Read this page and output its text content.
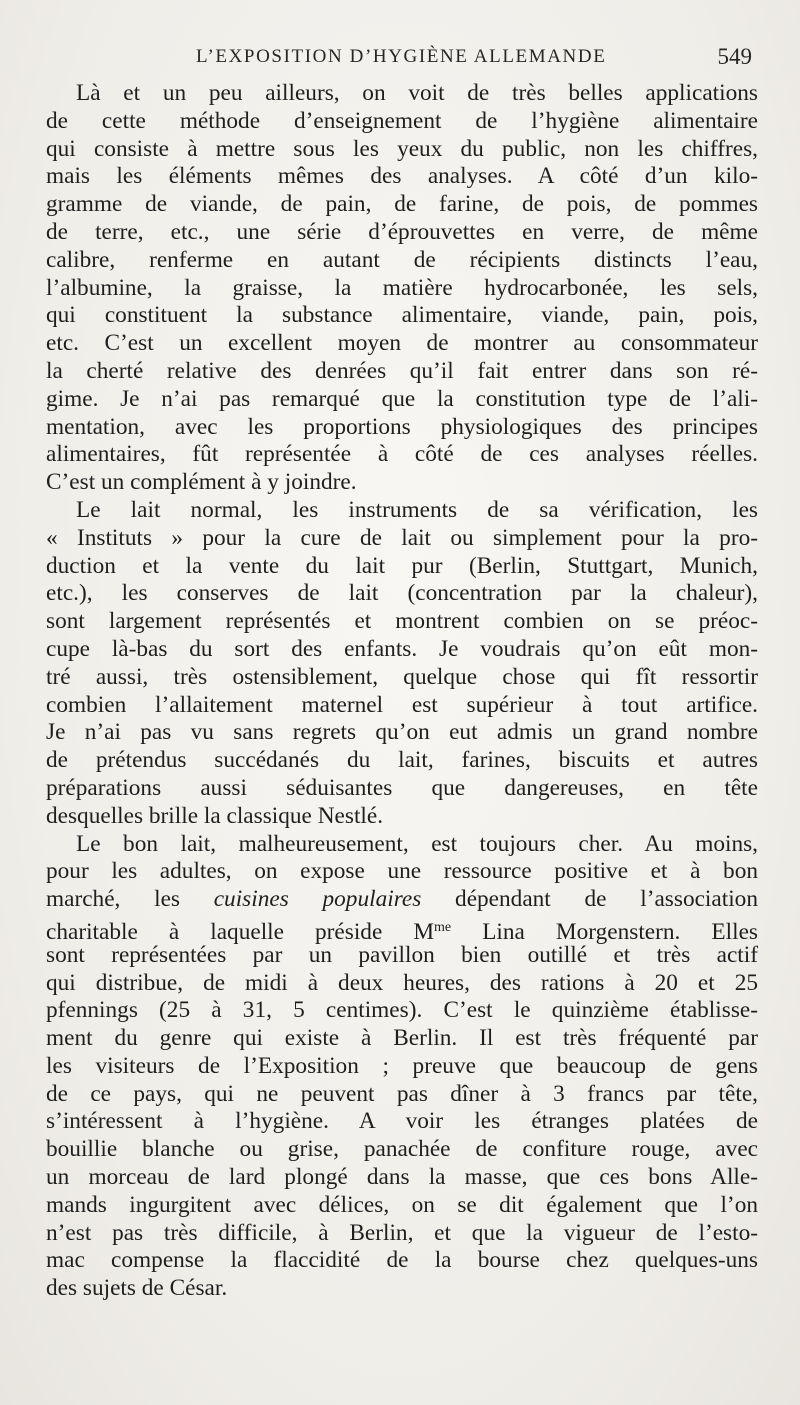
L’EXPOSITION D’HYGIÈNE ALLEMANDE	549
Là et un peu ailleurs, on voit de très belles applications
de cette méthode d’enseignement de l’hygiène alimentaire
qui consiste à mettre sous les yeux du public, non les chiffres,
mais les éléments mêmes des analyses. A côté d’un kilo-
gramme de viande, de pain, de farine, de pois, de pommes
de terre, etc., une série d’éprouvettes en verre, de même
calibre, renferme en autant de récipients distincts l’eau,
l’albumine, la graisse, la matière hydrocarbonée, les sels,
qui constituent la substance alimentaire, viande, pain, pois,
etc. C’est un excellent moyen de montrer au consommateur
la cherté relative des denrées qu’il fait entrer dans son ré-
gime. Je n’ai pas remarqué que la constitution type de l’ali-
mentation, avec les proportions physiologiques des principes
alimentaires, fût représentée à côté de ces analyses réelles.
C’est un complément à y joindre.
Le lait normal, les instruments de sa vérification, les
« Instituts » pour la cure de lait ou simplement pour la pro-
duction et la vente du lait pur (Berlin, Stuttgart, Munich,
etc.), les conserves de lait (concentration par la chaleur),
sont largement représentés et montrent combien on se préoc-
cupe là-bas du sort des enfants. Je voudrais qu’on eût mon-
tré aussi, très ostensiblement, quelque chose qui fît ressortir
combien l’allaitement maternel est supérieur à tout artifice.
Je n’ai pas vu sans regrets qu’on eut admis un grand nombre
de prétendus succédanés du lait, farines, biscuits et autres
préparations aussi séduisantes que dangereuses, en tête
desquelles brille la classique Nestlé.
Le bon lait, malheureusement, est toujours cher. Au moins,
pour les adultes, on expose une ressource positive et à bon
marché, les cuisines populaires dépendant de l’association
charitable à laquelle préside $M^{me}$ Lina Morgenstern. Elles
sont représentées par un pavillon bien outillé et très actif
qui distribue, de midi à deux heures, des rations à 20 et 25
pfennings (25 à 31, 5 centimes). C’est le quinzième établisse-
ment du genre qui existe à Berlin. Il est très fréquenté par
les visiteurs de l’Exposition ; preuve que beaucoup de gens
de ce pays, qui ne peuvent pas dîner à 3 francs par tête,
s’intéressent à l’hygiène. A voir les étranges platées de
bouillie blanche ou grise, panachée de confiture rouge, avec
un morceau de lard plongé dans la masse, que ces bons Alle-
mands ingurgitent avec délices, on se dit également que l’on
n’est pas très difficile, à Berlin, et que la vigueur de l’esto-
mac compense la flaccidité de la bourse chez quelques-uns
des sujets de César.
